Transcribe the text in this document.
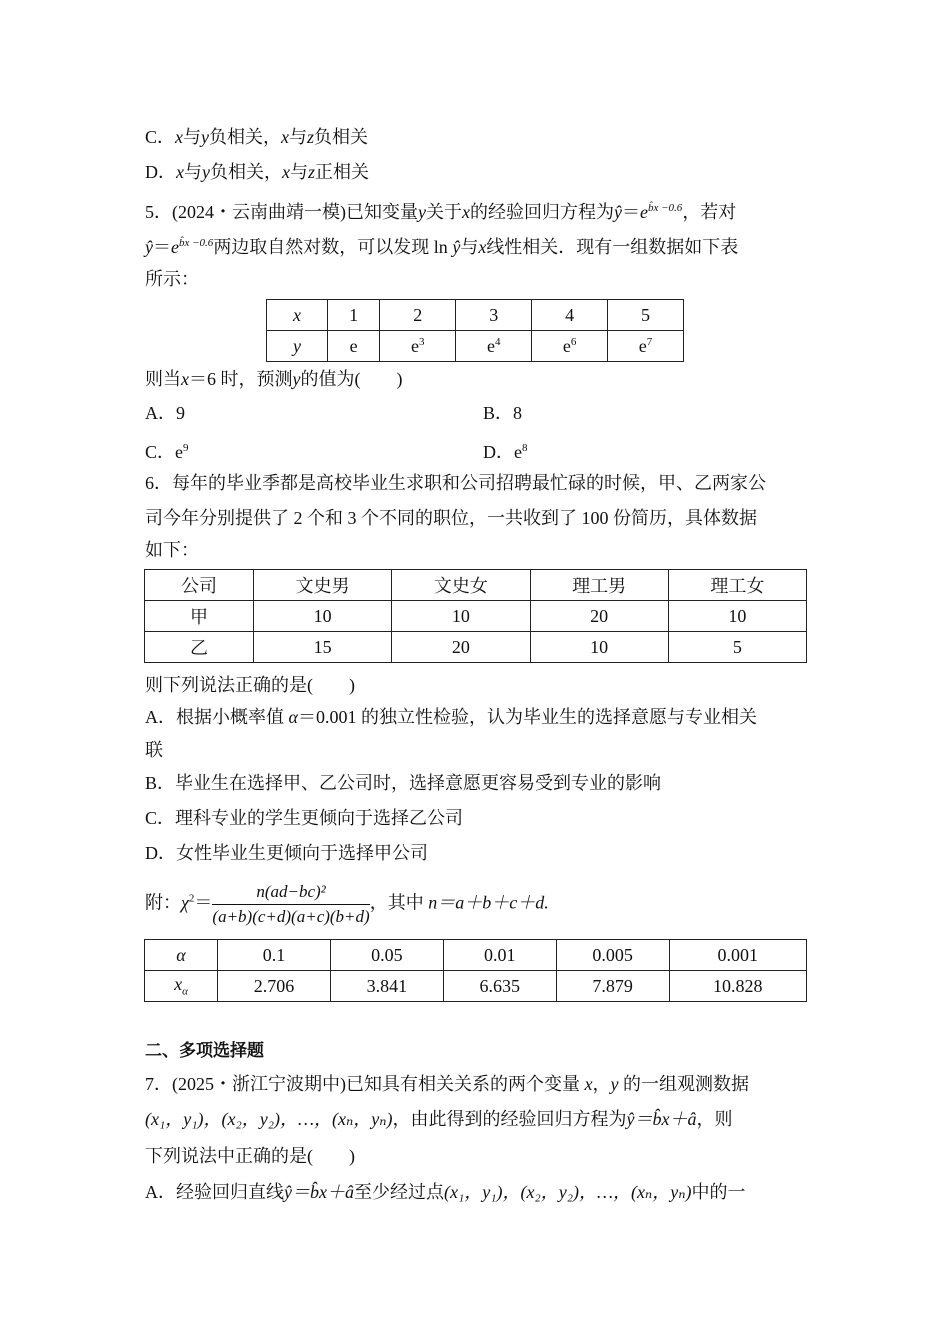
C．x与y负相关，x与z负相关
D．x与y负相关，x与z正相关
5．(2024・云南曲靖一模)已知变量y关于x的经验回归方程为$ŷ=e^{b̂x -0.6}$，若对
$ŷ=e^{b̂x -0.6}$两边取自然对数，可以发现 ln ŷ与x线性相关．现有一组数据如下表
所示：
x	1	2	3	4	5
y	e	$e^3$	$e^4$	$e^6$	$e^7$
则当x＝6 时，预测y的值为(　　)
A．9	B．8
C．$e^9$	D．$e^8$
6．每年的毕业季都是高校毕业生求职和公司招聘最忙碌的时候，甲、乙两家公
司今年分别提供了 2 个和 3 个不同的职位，一共收到了 100 份简历，具体数据
如下：
公司	文史男	文史女	理工男	理工女
甲	10	10	20	10
乙	15	20	10	5
则下列说法正确的是(　　)
A．根据小概率值 α＝0.001 的独立性检验，认为毕业生的选择意愿与专业相关
联
B．毕业生在选择甲、乙公司时，选择意愿更容易受到专业的影响
C．理科专业的学生更倾向于选择乙公司
D．女性毕业生更倾向于选择甲公司
附：$\chi^2= \frac{\text{n(ad−bc)²}}{(a+b)(c+d)(a+c)(b+d)}$ ，其中 n＝a＋b＋c＋d.
α	0.1	0.05	0.01	0.005	0.001
$x_\alpha$	2.706	3.841	6.635	7.879	10.828
二、多项选择题
7．(2025・浙江宁波期中)已知具有相关关系的两个变量 x，y 的一组观测数据
(x₁，y₁)，(x₂，y₂)，…，(xₙ，yₙ)，由此得到的经验回归方程为ŷ＝b̂x＋â，则
下列说法中正确的是(　　)
A．经验回归直线ŷ＝b̂x＋â至少经过点(x₁，y₁)，(x₂，y₂)，…，(xₙ，yₙ)中的一
